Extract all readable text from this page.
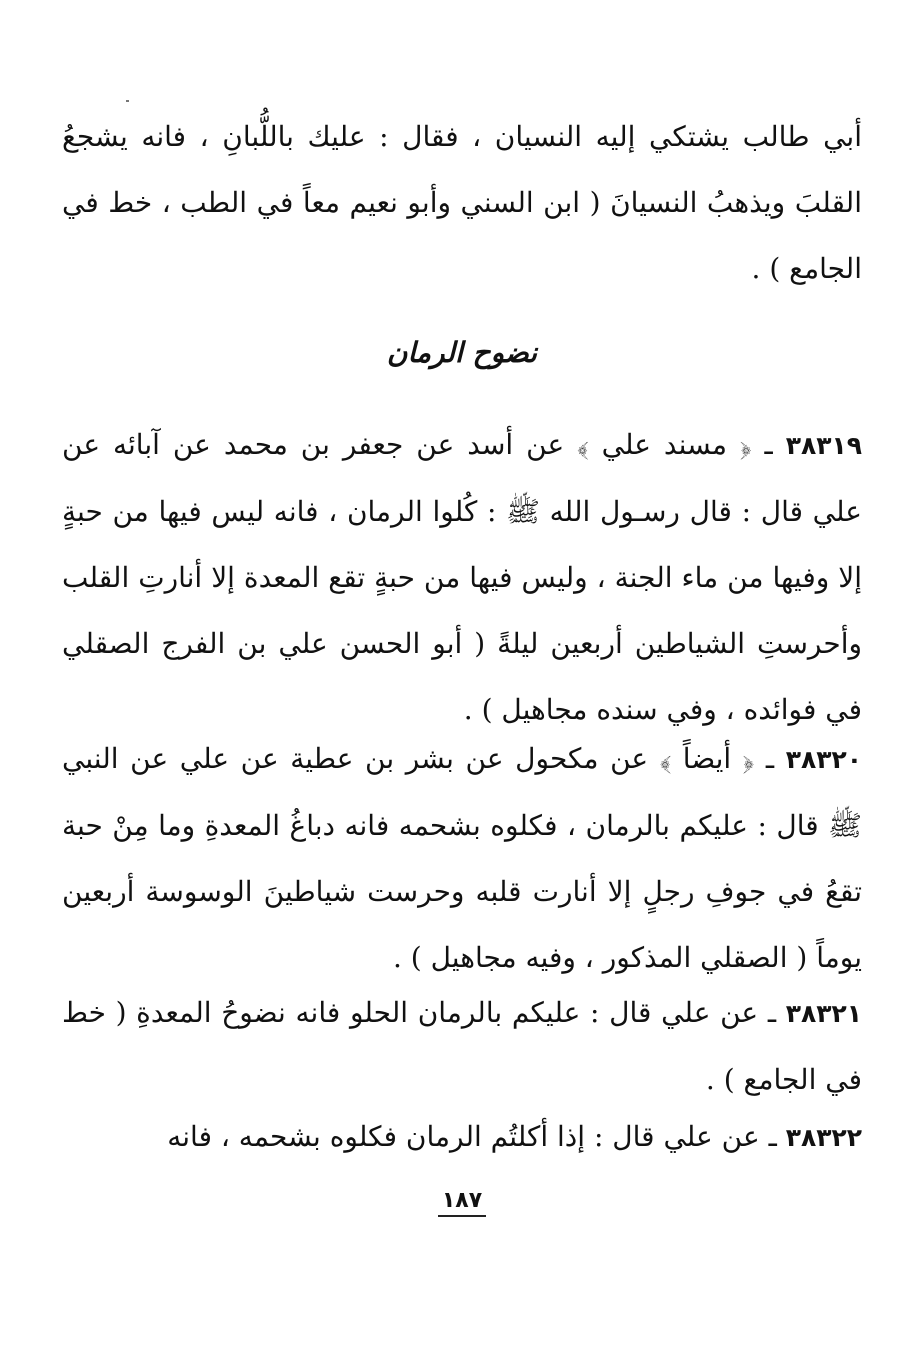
أبي طالب يشتكي إليه النسيان ، فقال : عليك باللُّبانِ ، فانه يشجعُ القلبَ ويذهبُ النسيانَ ( ابن السني وأبو نعيم معاً في الطب ، خط في الجامع ) .

نضوح الرمان

٣٨٣١٩ ـ ﴿ مسند علي ﴾ عن أسد عن جعفر بن محمد عن آبائه عن علي قال : قال رسـول الله ﷺ : كُلوا الرمان ، فانه ليس فيها من حبةٍ إلا وفيها من ماء الجنة ، وليس فيها من حبةٍ تقع المعدة إلا أنارتِ القلب وأحرستِ الشياطين أربعين ليلةً ( أبو الحسن علي بن الفرج الصقلي في فوائده ، وفي سنده مجاهيل ) .

٣٨٣٢٠ ـ ﴿ أيضاً ﴾ عن مكحول عن بشر بن عطية عن علي عن النبي ﷺ قال : عليكم بالرمان ، فكلوه بشحمه فانه دباغُ المعدةِ وما مِنْ حبة تقعُ في جوفِ رجلٍ إلا أنارت قلبه وحرست شياطينَ الوسوسة أربعين يوماً ( الصقلي المذكور ، وفيه مجاهيل ) .

٣٨٣٢١ ـ عن علي قال : عليكم بالرمان الحلو فانه نضوحُ المعدةِ ( خط في الجامع ) .

٣٨٣٢٢ ـ عن علي قال : إذا أكلتُم الرمان فكلوه بشحمه ، فانه

١٨٧
